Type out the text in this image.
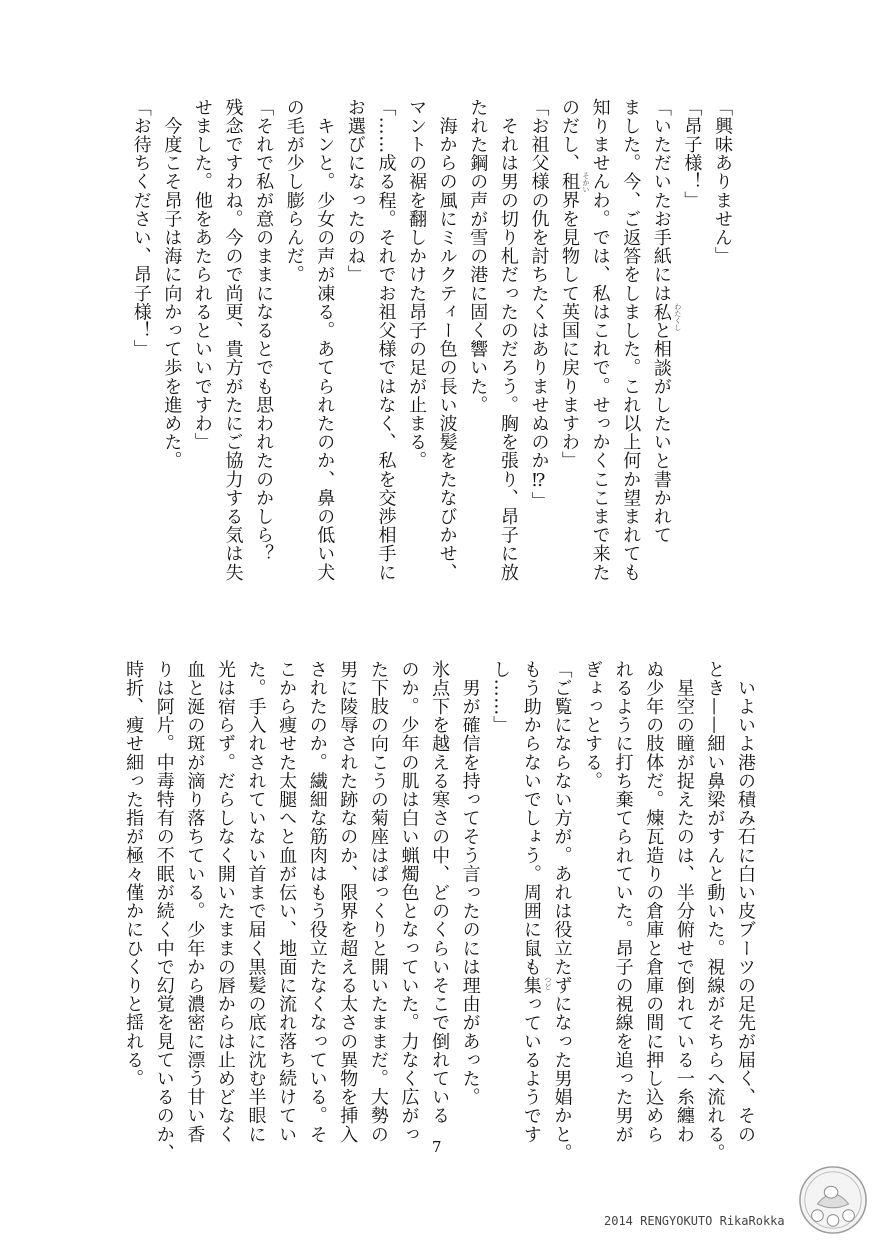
「興味ありません」
「昂子様！」
「いただいたお手紙には私 わたくし
と相談がしたいと書かれて
ました。今、ご返答をしました。これ以上何か望まれても
知りませんわ。では、私はこれで。せっかくここまで来た
のだし、租界 そかい
を見物して英国に戻りますわ」
「お祖父様の仇を討ちたくはありませぬのか⁉」
　それは男の切り札だったのだろう。胸を張り、昂子に放
たれた鋼の声が雪の港に固く響いた。
　海からの風にミルクティー色の長い波髪をたなびかせ、
マントの裾を翻しかけた昂子の足が止まる。
「……成る程。それでお祖父様ではなく、私を交渉相手に
お選びになったのね」
　キンと。少女の声が凍る。あてられたのか、鼻の低い犬
の毛が少し膨らんだ。
「それで私が意のままになるとでも思われたのかしら？
残念ですわね。今ので尚更、貴方がたにご協力する気は失
せました。他をあたられるといいですわ」
　今度こそ昂子は海に向かって歩を進めた。
「お待ちください、昂子様！」
　いよいよ港の積み石に白い皮ブーツの足先が届く、その
とき——細い鼻梁がすんと動いた。視線がそちらへ流れる。
　星空の瞳が捉えたのは、半分俯せで倒れている一糸纏わ
ぬ少年の肢体だ。煉瓦造りの倉庫と倉庫の間に押し込めら
れるように打ち棄てられていた。昂子の視線を追った男が
ぎょっとする。
「ご覧にならない方が。あれは役立たずになった男娼かと。
もう助からないでしょう。周囲に鼠も集 つど
っているようです
し……」
　男が確信を持ってそう言ったのには理由があった。
氷点下を越える寒さの中、どのくらいそこで倒れている
のか。少年の肌は白い蝋燭色となっていた。力なく広がっ
た下肢の向こうの菊座はぱっくりと開いたままだ。大勢の
男に陵辱された跡なのか、限界を超える太さの異物を挿入
されたのか。繊細な筋肉はもう役立たなくなっている。そ
こから痩せた太腿へと血が伝い、地面に流れ落ち続けてい
た。手入れされていない首まで届く黒髪の底に沈む半眼に
光は宿らず。だらしなく開いたままの唇からは止めどなく
血と涎の斑が滴り落ちている。少年から濃密に漂う甘い香
りは阿片。中毒特有の不眠が続く中で幻覚を見ているのか、
時折、痩せ細った指が極々僅かにひくりと揺れる。
7
2014 RENGYOKUTO RikaRokka
